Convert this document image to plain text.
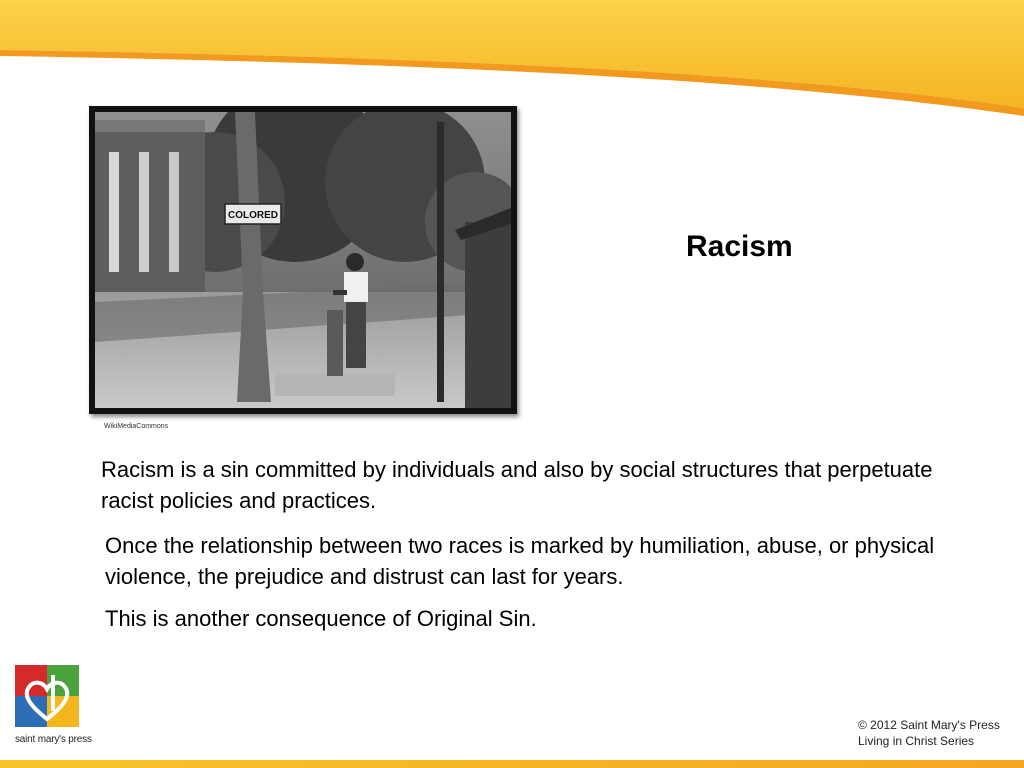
COLORED
WikiMediaCommons
Racism

Racism is a sin committed by individuals and also by social structures that perpetuate racist policies and practices.

Once the relationship between two races is marked by humiliation, abuse, or physical violence, the prejudice and distrust can last for years.

This is another consequence of Original Sin.

saint mary's press
© 2012 Saint Mary's Press
Living in Christ Series
